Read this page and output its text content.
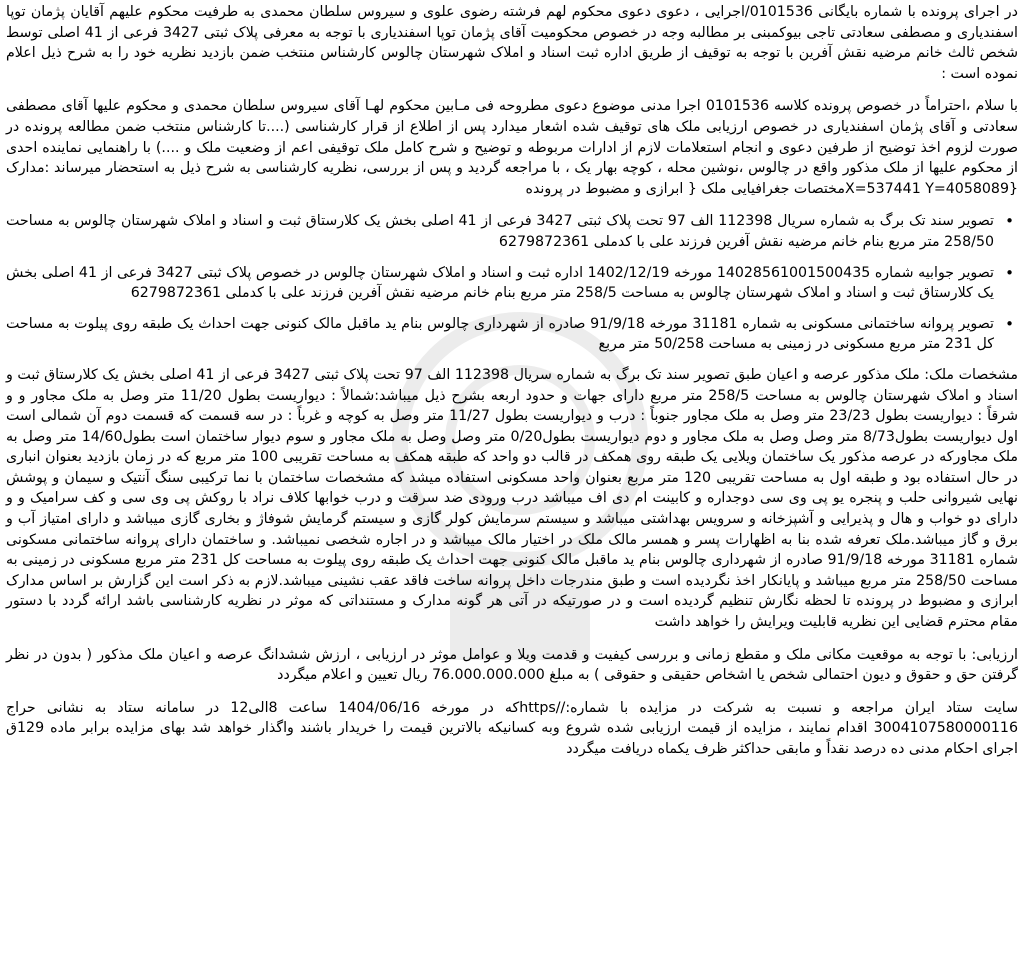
در اجرای پرونده با شماره بایگانی 0101536/اجرایی ، دعوی دعوی محکوم لهم فرشته رضوی علوی و سیروس سلطان محمدی به طرفیت محکوم علیهم آقایان پژمان توپا اسفندیاری و مصطفی سعادتی تاجی بیوکمبنی بر مطالبه وجه در خصوص محکومیت آقای پژمان توپا اسفندیاری با توجه به معرفی پلاک ثبتی 3427 فرعی از 41 اصلی توسط شخص ثالث خانم مرضیه نقش آفرین با توجه به توقیف از طریق اداره ثبت اسناد و املاک شهرستان چالوس کارشناس منتخب ضمن بازدید نظریه خود را به شرح ذیل اعلام نموده است :

با سلام ،احتراماً در خصوص پرونده کلاسه 0101536 اجرا مدنی موضوع دعوی مطروحه فی مـابین محکوم لهـا آقای سیروس سلطان محمدی و محکوم علیها آقای مصطفی سعادتی و آقای پژمان اسفندیاری در خصوص ارزیابی ملک های توقیف شده اشعار میدارد پس از اطلاع از قرار کارشناسی (....تا کارشناس منتخب ضمن مطالعه پرونده در صورت لزوم اخذ توضیح از طرفین دعوی و انجام استعلامات لازم از ادارات مربوطه و توضیح و شرح کامل ملک توقیفی اعم از وضعیت ملک و ....) با راهنمایی نماینده احدی از محکوم علیها از ملک مذکور واقع در چالوس ،نوشین محله ، کوچه بهار یک ، با مراجعه گردید و پس از بررسی، نظریه کارشناسی به شرح ذیل به استحضار میرساند :مدارک {X=537441 Y=4058089مختصات جغرافیایی ملک { ابرازی و مضبوط در پرونده

• تصویر سند تک برگ به شماره سریال 112398 الف 97 تحت پلاک ثبتی 3427 فرعی از 41 اصلی بخش یک کلارستاق ثبت و اسناد و املاک شهرستان چالوس به مساحت 258/50 متر مربع بنام خانم مرضیه نقش آفرین فرزند علی با کدملی 6279872361
• تصویر جوابیه شماره 14028561001500435 مورخه 1402/12/19 اداره ثبت و اسناد و املاک شهرستان چالوس در خصوص پلاک ثبتی 3427 فرعی از 41 اصلی بخش یک کلارستاق ثبت و اسناد و املاک شهرستان چالوس به مساحت 258/5 متر مربع بنام خانم مرضیه نقش آفرین فرزند علی با کدملی 6279872361
• تصویر پروانه ساختمانی مسکونی به شماره 31181 مورخه 91/9/18 صادره از شهرداری چالوس بنام ید ماقبل مالک کنونی جهت احداث یک طبقه روی پیلوت به مساحت کل 231 متر مربع مسکونی در زمینی به مساحت 50/258 متر مربع

مشخصات ملک: ملک مذکور عرصه و اعیان طبق تصویر سند تک برگ به شماره سریال 112398 الف 97 تحت پلاک ثبتی 3427 فرعی از 41 اصلی بخش یک کلارستاق ثبت و اسناد و املاک شهرستان چالوس به مساحت 258/5 متر مربع دارای جهات و حدود اربعه بشرح ذیل میباشد:شمالاً : دیواریست بطول 11/20 متر وصل به ملک مجاور و و شرقاً : دیواریست بطول 23/23 متر وصل به ملک مجاور جنوباً : درب و دیواریست بطول 11/27 متر وصل به کوچه و غرباً : در سه قسمت که قسمت دوم آن شمالی است اول دیواریست بطول8/73 متر وصل وصل به ملک مجاور و دوم دیواریست بطول0/20 متر وصل وصل به ملک مجاور و سوم دیوار ساختمان است بطول14/60 متر وصل به ملک مجاورکه در عرصه مذکور یک ساختمان ویلایی یک طبقه روی همکف در قالب دو واحد که طبقه همکف به مساحت تقریبی 100 متر مربع که در زمان بازدید بعنوان انباری در حال استفاده بود و طبقه اول به مساحت تقریبی 120 متر مربع بعنوان واحد مسکونی استفاده میشد که مشخصات ساختمان با نما ترکیبی سنگ آنتیک و سیمان و پوشش نهایی شیروانی حلب و پنجره یو پی وی سی دوجداره و کابینت ام دی اف میباشد درب ورودی ضد سرقت و درب خوابها کلاف نراد با روکش پی وی سی و کف سرامیک و و دارای دو خواب و هال و پذیرایی و آشپزخانه و سرویس بهداشتی میباشد و سیستم سرمایش کولر گازی و سیستم گرمایش شوفاژ و بخاری گازی میباشد و دارای امتیاز آب و برق و گاز میباشد.ملک تعرفه شده بنا به اظهارات پسر و همسر مالک ملک در اختیار مالک میباشد و در اجاره شخصی نمیباشد. و ساختمان دارای پروانه ساختمانی مسکونی شماره 31181 مورخه 91/9/18 صادره از شهرداری چالوس بنام ید ماقبل مالک کنونی جهت احداث یک طبقه روی پیلوت به مساحت کل 231 متر مربع مسکونی در زمینی به مساحت 258/50 متر مربع میباشد و پایانکار اخذ نگردیده است و طبق مندرجات داخل پروانه ساخت فاقد عقب نشینی میباشد.لازم به ذکر است این گزارش بر اساس مدارک ابرازی و مضبوط در پرونده تا لحظه نگارش تنظیم گردیده است و در صورتیکه در آتی هر گونه مدارک و مستنداتی که موثر در نظریه کارشناسی باشد ارائه گردد با دستور مقام محترم قضایی این نظریه قابلیت ویرایش را خواهد داشت

ارزیابی: با توجه به موقعیت مکانی ملک و مقطع زمانی و بررسی کیفیت و قدمت ویلا و عوامل موثر در ارزیابی ، ارزش ششدانگ عرصه و اعیان ملک مذکور ( بدون در نظر گرفتن حق و حقوق و دیون احتمالی شخص یا اشخاص حقیقی و حقوقی ) به مبلغ 76.000.000.000 ریال تعیین و اعلام میگردد

سایت ستاد ایران مراجعه و نسبت به شرکت در مزایده با شماره://httpsکه در مورخه 1404/06/16 ساعت 8الی12 در سامانه ستاد به نشانی حراج 3004107580000116 اقدام نمایند ، مزایده از قیمت ارزیابی شده شروع وبه کسانیکه بالاترین قیمت را خریدار باشند واگذار خواهد شد بهای مزایده برابر ماده 129ق اجرای احکام مدنی ده درصد نقداً و مابقی حداکثر ظرف یکماه دریافت میگردد
